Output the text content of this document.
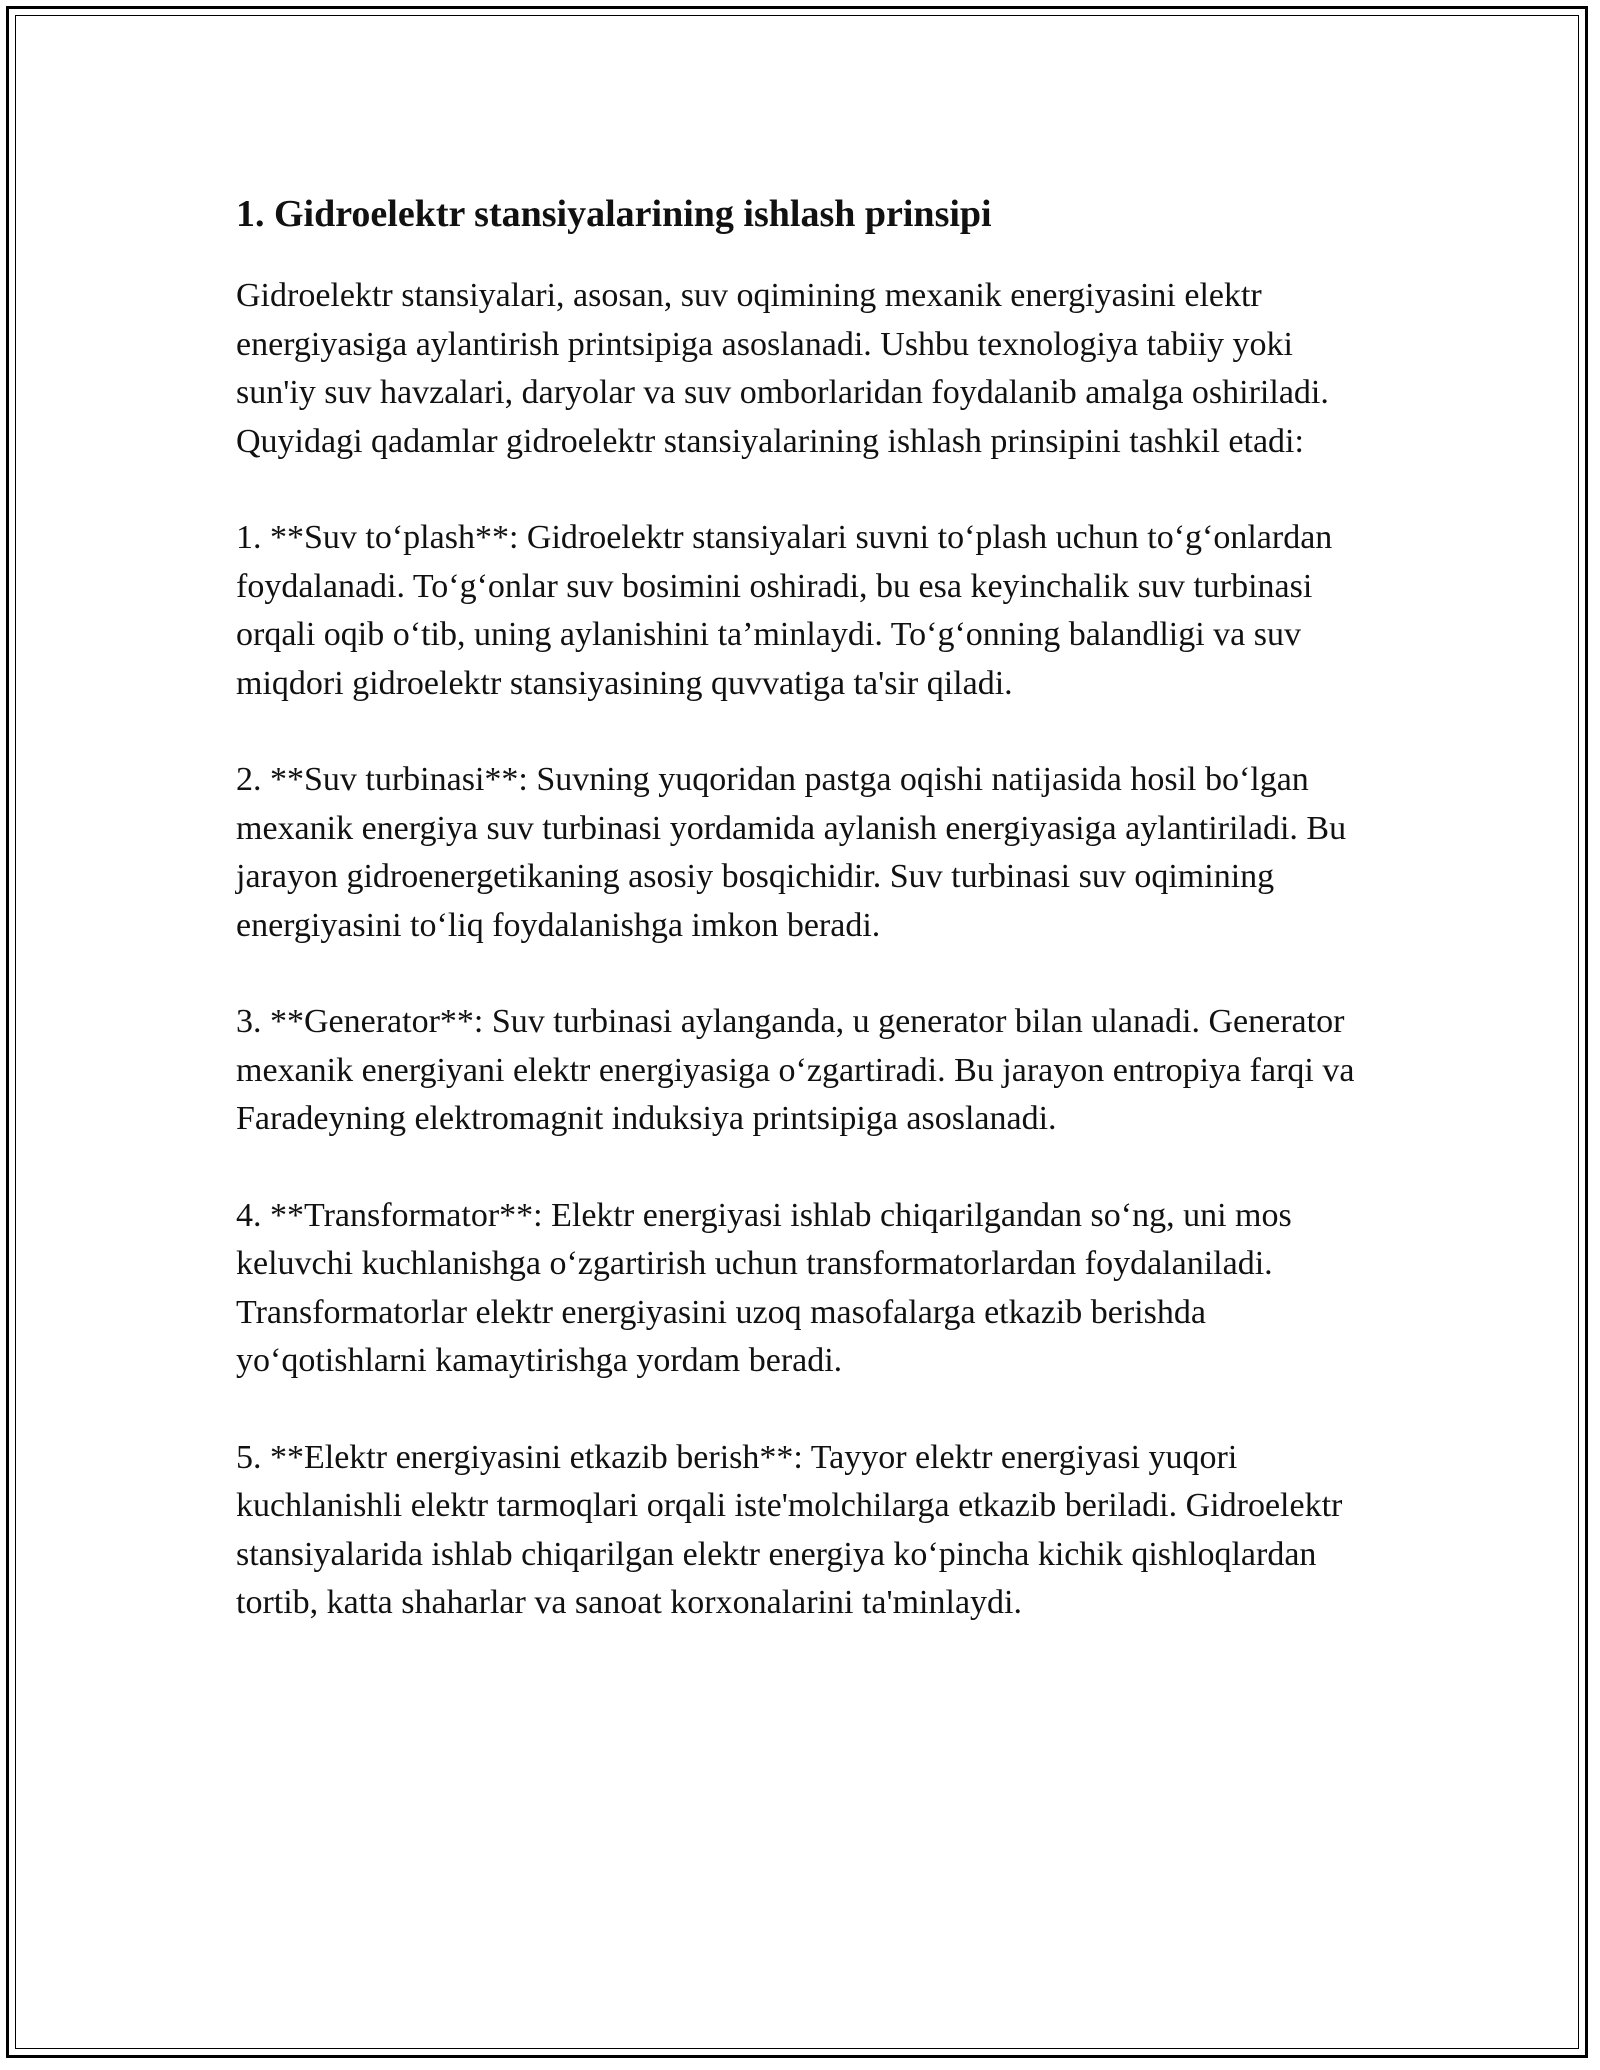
1. Gidroelektr stansiyalarining ishlash prinsipi

Gidroelektr stansiyalari, asosan, suv oqimining mexanik energiyasini elektr energiyasiga aylantirish printsipiga asoslanadi. Ushbu texnologiya tabiiy yoki sun'iy suv havzalari, daryolar va suv omborlaridan foydalanib amalga oshiriladi. Quyidagi qadamlar gidroelektr stansiyalarining ishlash prinsipini tashkil etadi:

1. **Suv to‘plash**: Gidroelektr stansiyalari suvni to‘plash uchun to‘g‘onlardan foydalanadi. To‘g‘onlar suv bosimini oshiradi, bu esa keyinchalik suv turbinasi orqali oqib o‘tib, uning aylanishini ta’minlaydi. To‘g‘onning balandligi va suv miqdori gidroelektr stansiyasining quvvatiga ta'sir qiladi.

2. **Suv turbinasi**: Suvning yuqoridan pastga oqishi natijasida hosil bo‘lgan mexanik energiya suv turbinasi yordamida aylanish energiyasiga aylantiriladi. Bu jarayon gidroenergetikaning asosiy bosqichidir. Suv turbinasi suv oqimining energiyasini to‘liq foydalanishga imkon beradi.

3. **Generator**: Suv turbinasi aylanganda, u generator bilan ulanadi. Generator mexanik energiyani elektr energiyasiga o‘zgartiradi. Bu jarayon entropiya farqi va Faradeyning elektromagnit induksiya printsipiga asoslanadi.

4. **Transformator**: Elektr energiyasi ishlab chiqarilgandan so‘ng, uni mos keluvchi kuchlanishga o‘zgartirish uchun transformatorlardan foydalaniladi. Transformatorlar elektr energiyasini uzoq masofalarga etkazib berishda yo‘qotishlarni kamaytirishga yordam beradi.

5. **Elektr energiyasini etkazib berish**: Tayyor elektr energiyasi yuqori kuchlanishli elektr tarmoqlari orqali iste'molchilarga etkazib beriladi. Gidroelektr stansiyalarida ishlab chiqarilgan elektr energiya ko‘pincha kichik qishloqlardan tortib, katta shaharlar va sanoat korxonalarini ta'minlaydi.
